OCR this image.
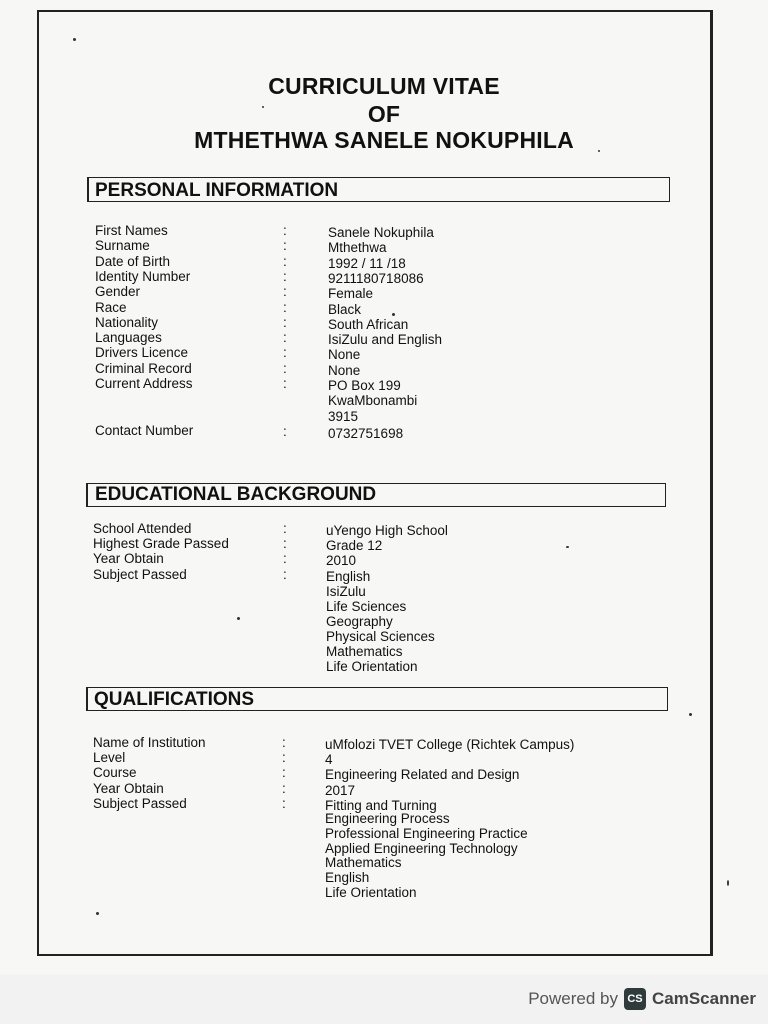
CURRICULUM VITAE
OF
MTHETHWA SANELE NOKUPHILA
PERSONAL INFORMATION
First Names	:	Sanele Nokuphila
Surname	:	Mthethwa
Date of Birth	:	1992 / 11 /18
Identity Number	:	9211180718086
Gender	:	Female
Race	:	Black
Nationality	:	South African
Languages	:	IsiZulu and English
Drivers Licence	:	None
Criminal Record	:	None
Current Address	:	PO Box 199
KwaMbonambi
3915
Contact Number	:	0732751698
EDUCATIONAL BACKGROUND
School Attended	:	uYengo High School
Highest Grade Passed	:	Grade 12
Year Obtain	:	2010
Subject Passed	:	English
IsiZulu
Life Sciences
Geography
Physical Sciences
Mathematics
Life Orientation
QUALIFICATIONS
Name of Institution	:	uMfolozi TVET College (Richtek Campus)
Level	:	4
Course	:	Engineering Related and Design
Year Obtain	:	2017
Subject Passed	:	Fitting and Turning
Engineering Process
Professional Engineering Practice
Applied Engineering Technology
Mathematics
English
Life Orientation
Powered by CS CamScanner
